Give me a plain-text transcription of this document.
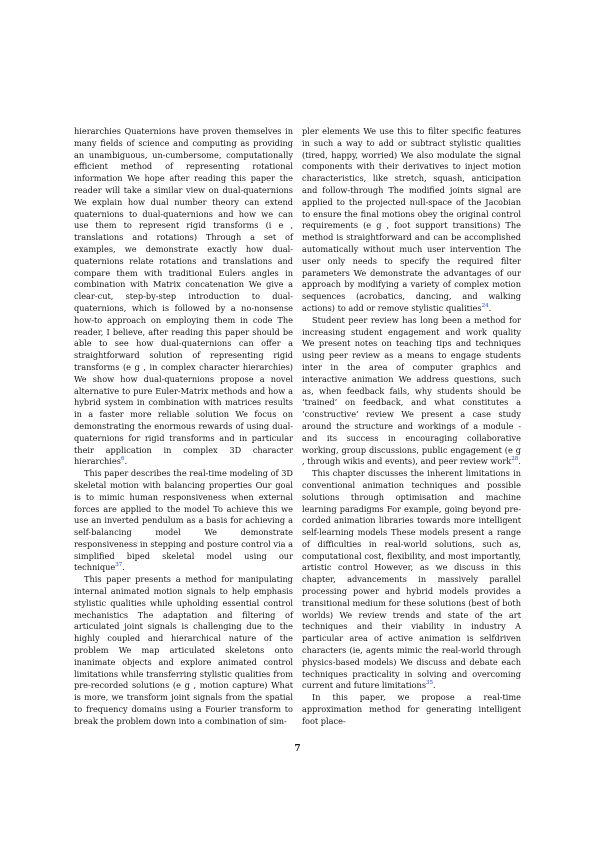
hierarchies Quaternions have proven themselves in many fields of science and computing as providing an unambiguous, un-cumbersome, computationally efficient method of representing rotational information We hope after reading this paper the reader will take a similar view on dual-quaternions We explain how dual number theory can extend quaternions to dual-quaternions and how we can use them to represent rigid transforms (i e , translations and rotations) Through a set of examples, we demonstrate exactly how dual-quaternions relate rotations and translations and compare them with traditional Eulers angles in combination with Matrix concatenation We give a clear-cut, step-by-step introduction to dual-quaternions, which is followed by a no-nonsense how-to approach on employing them in code The reader, I believe, after reading this paper should be able to see how dual-quaternions can offer a straightforward solution of representing rigid transforms (e g , in complex character hierarchies) We show how dual-quaternions propose a novel alternative to pure Euler-Matrix methods and how a hybrid system in combination with matrices results in a faster more reliable solution We focus on demonstrating the enormous rewards of using dual-quaternions for rigid transforms and in particular their application in complex 3D character hierarchies$^6$.

This paper describes the real-time modeling of 3D skeletal motion with balancing properties Our goal is to mimic human responsiveness when external forces are applied to the model To achieve this we use an inverted pendulum as a basis for achieving a self-balancing model We demonstrate responsiveness in stepping and posture control via a simplified biped skeletal model using our technique$^{37}$.

This paper presents a method for manipulating internal animated motion signals to help emphasis stylistic qualities while upholding essential control mechanistics The adaptation and filtering of articulated joint signals is challenging due to the highly coupled and hierarchical nature of the problem We map articulated skeletons onto inanimate objects and explore animated control limitations while transferring stylistic qualities from pre-recorded solutions (e g , motion capture) What is more, we transform joint signals from the spatial to frequency domains using a Fourier transform to break the problem down into a combination of sim-

pler elements We use this to filter specific features in such a way to add or subtract stylistic qualities (tired, happy, worried) We also modulate the signal components with their derivatives to inject motion characteristics, like stretch, squash, anticipation and follow-through The modified joints signal are applied to the projected null-space of the Jacobian to ensure the final motions obey the original control requirements (e g , foot support transitions) The method is straightforward and can be accomplished automatically without much user intervention The user only needs to specify the required filter parameters We demonstrate the advantages of our approach by modifying a variety of complex motion sequences (acrobatics, dancing, and walking actions) to add or remove stylistic qualities$^{24}$.

Student peer review has long been a method for increasing student engagement and work quality We present notes on teaching tips and techniques using peer review as a means to engage students inter in the area of computer graphics and interactive animation We address questions, such as, when feedback fails, why students should be ‘trained’ on feedback, and what constitutes a ‘constructive’ review We present a case study around the structure and workings of a module - and its success in encouraging collaborative working, group discussions, public engagement (e g , through wikis and events), and peer review work$^{28}$.

This chapter discusses the inherent limitations in conventional animation techniques and possible solutions through optimisation and machine learning paradigms For example, going beyond pre-corded animation libraries towards more intelligent self-learning models These models present a range of difficulties in real-world solutions, such as, computational cost, flexibility, and most importantly, artistic control However, as we discuss in this chapter, advancements in massively parallel processing power and hybrid models provides a transitional medium for these solutions (best of both worlds) We review trends and state of the art techniques and their viability in industry A particular area of active animation is selfdriven characters (ie, agents mimic the real-world through physics-based models) We discuss and debate each techniques practicality in solving and overcoming current and future limitations$^{35}$.

In this paper, we propose a real-time approximation method for generating intelligent foot place-

7
